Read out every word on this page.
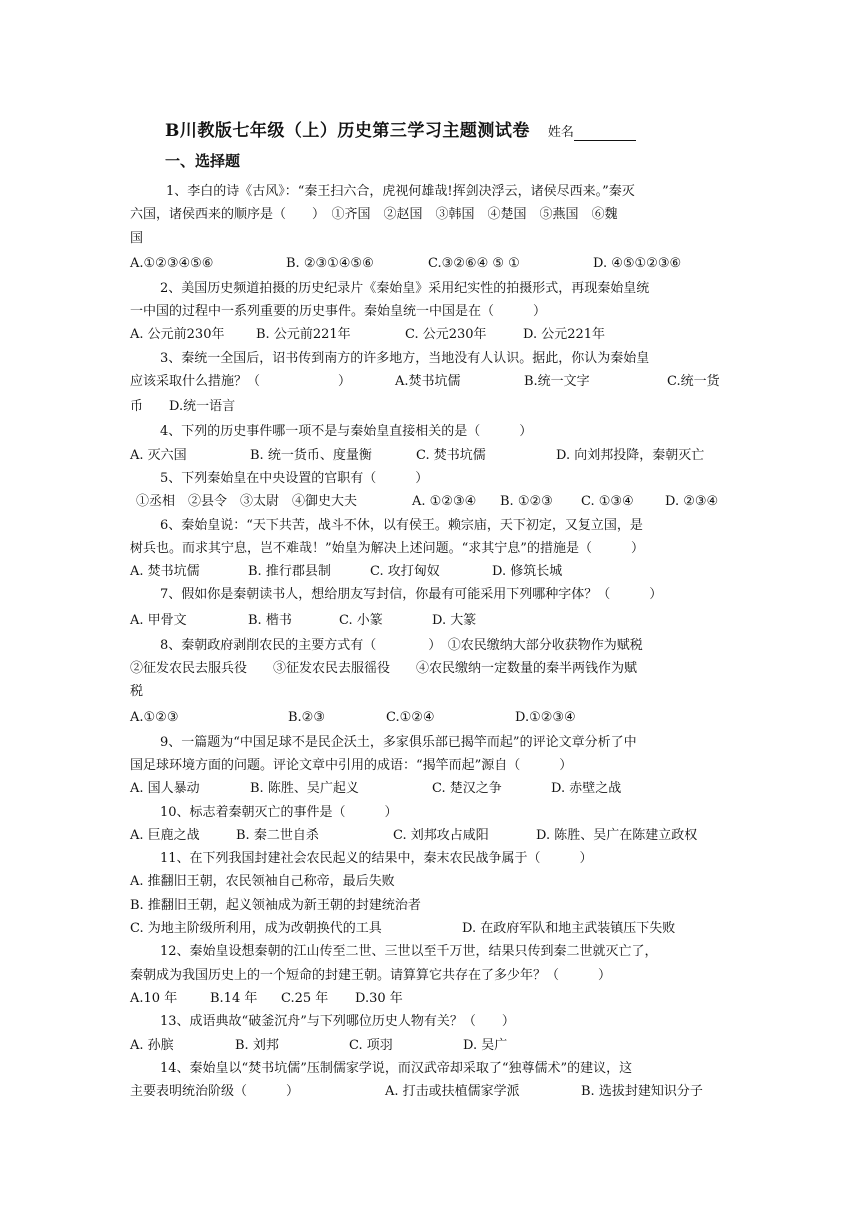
B川教版七年级（上）历史第三学习主题测试卷 姓名
一、选择题
1、李白的诗《古风》：“秦王扫六合，虎视何雄哉!挥剑决浮云，诸侯尽西来。”秦灭
六国，诸侯西来的顺序是（　　）　①齐国　②赵国　③韩国　④楚国　⑤燕国　⑥魏
国
A.①②③④⑤⑥	B. ②③①④⑤⑥	C.③②⑥④ ⑤ ①	D. ④⑤①②③⑥
2、美国历史频道拍摄的历史纪录片《秦始皇》采用纪实性的拍摄形式，再现秦始皇统
一中国的过程中一系列重要的历史事件。秦始皇统一中国是在（　　　）
A. 公元前230年 B. 公元前221年	C. 公元230年	D. 公元221年
3、秦统一全国后，诏书传到南方的许多地方，当地没有人认识。据此，你认为秦始皇
应该采取什么措施？（　　　　　　）	A.焚书坑儒	B.统一文字	C.统一货
币　　D.统一语言
4、下列的历史事件哪一项不是与秦始皇直接相关的是（　　　）
A. 灭六国	B. 统一货币、度量衡	C. 焚书坑儒	D. 向刘邦投降，秦朝灭亡
5、下列秦始皇在中央设置的官职有（　　　）
①丞相　②县令　③太尉　④御史大夫	A. ①②③④ B. ①②③ C. ①③④ D. ②③④
6、秦始皇说：“天下共苦，战斗不休，以有侯王。赖宗庙，天下初定，又复立国，是
树兵也。而求其宁息，岂不难哉！”始皇为解决上述问题。“求其宁息”的措施是（　　　）
A. 焚书坑儒	B. 推行郡县制	C. 攻打匈奴	D. 修筑长城
7、假如你是秦朝读书人，想给朋友写封信，你最有可能采用下列哪种字体？（　　　）
A. 甲骨文	B. 楷书	C. 小篆	D. 大篆
8、秦朝政府剥削农民的主要方式有（　　　　）　①农民缴纳大部分收获物作为赋税
②征发农民去服兵役　　③征发农民去服徭役　　④农民缴纳一定数量的秦半两钱作为赋
税
A.①②③	B.②③	C.①②④	D.①②③④
9、一篇题为“中国足球不是民企沃土，多家俱乐部已揭竿而起”的评论文章分析了中
国足球环境方面的问题。评论文章中引用的成语：“揭竿而起”源自（　　　）
A. 国人暴动	B. 陈胜、吴广起义	C. 楚汉之争	D. 赤壁之战
10、标志着秦朝灭亡的事件是（　　　）
A. 巨鹿之战	B. 秦二世自杀	C. 刘邦攻占咸阳	D. 陈胜、吴广在陈建立政权
11、在下列我国封建社会农民起义的结果中，秦末农民战争属于（　　　）
A. 推翻旧王朝，农民领袖自己称帝，最后失败
B. 推翻旧王朝，起义领袖成为新王朝的封建统治者
C. 为地主阶级所利用，成为改朝换代的工具	D. 在政府军队和地主武装镇压下失败
12、秦始皇设想秦朝的江山传至二世、三世以至千万世，结果只传到秦二世就灭亡了，
秦朝成为我国历史上的一个短命的封建王朝。请算算它共存在了多少年？（　　　）
A.10 年	B.14 年 C.25 年 D.30 年
13、成语典故“破釜沉舟”与下列哪位历史人物有关？（　　）
A. 孙膑	B. 刘邦	C. 项羽	D. 吴广
14、秦始皇以“焚书坑儒”压制儒家学说，而汉武帝却采取了“独尊儒术”的建议，这
主要表明统治阶级（　　　）	A. 打击或扶植儒家学派	B. 选拔封建知识分子
